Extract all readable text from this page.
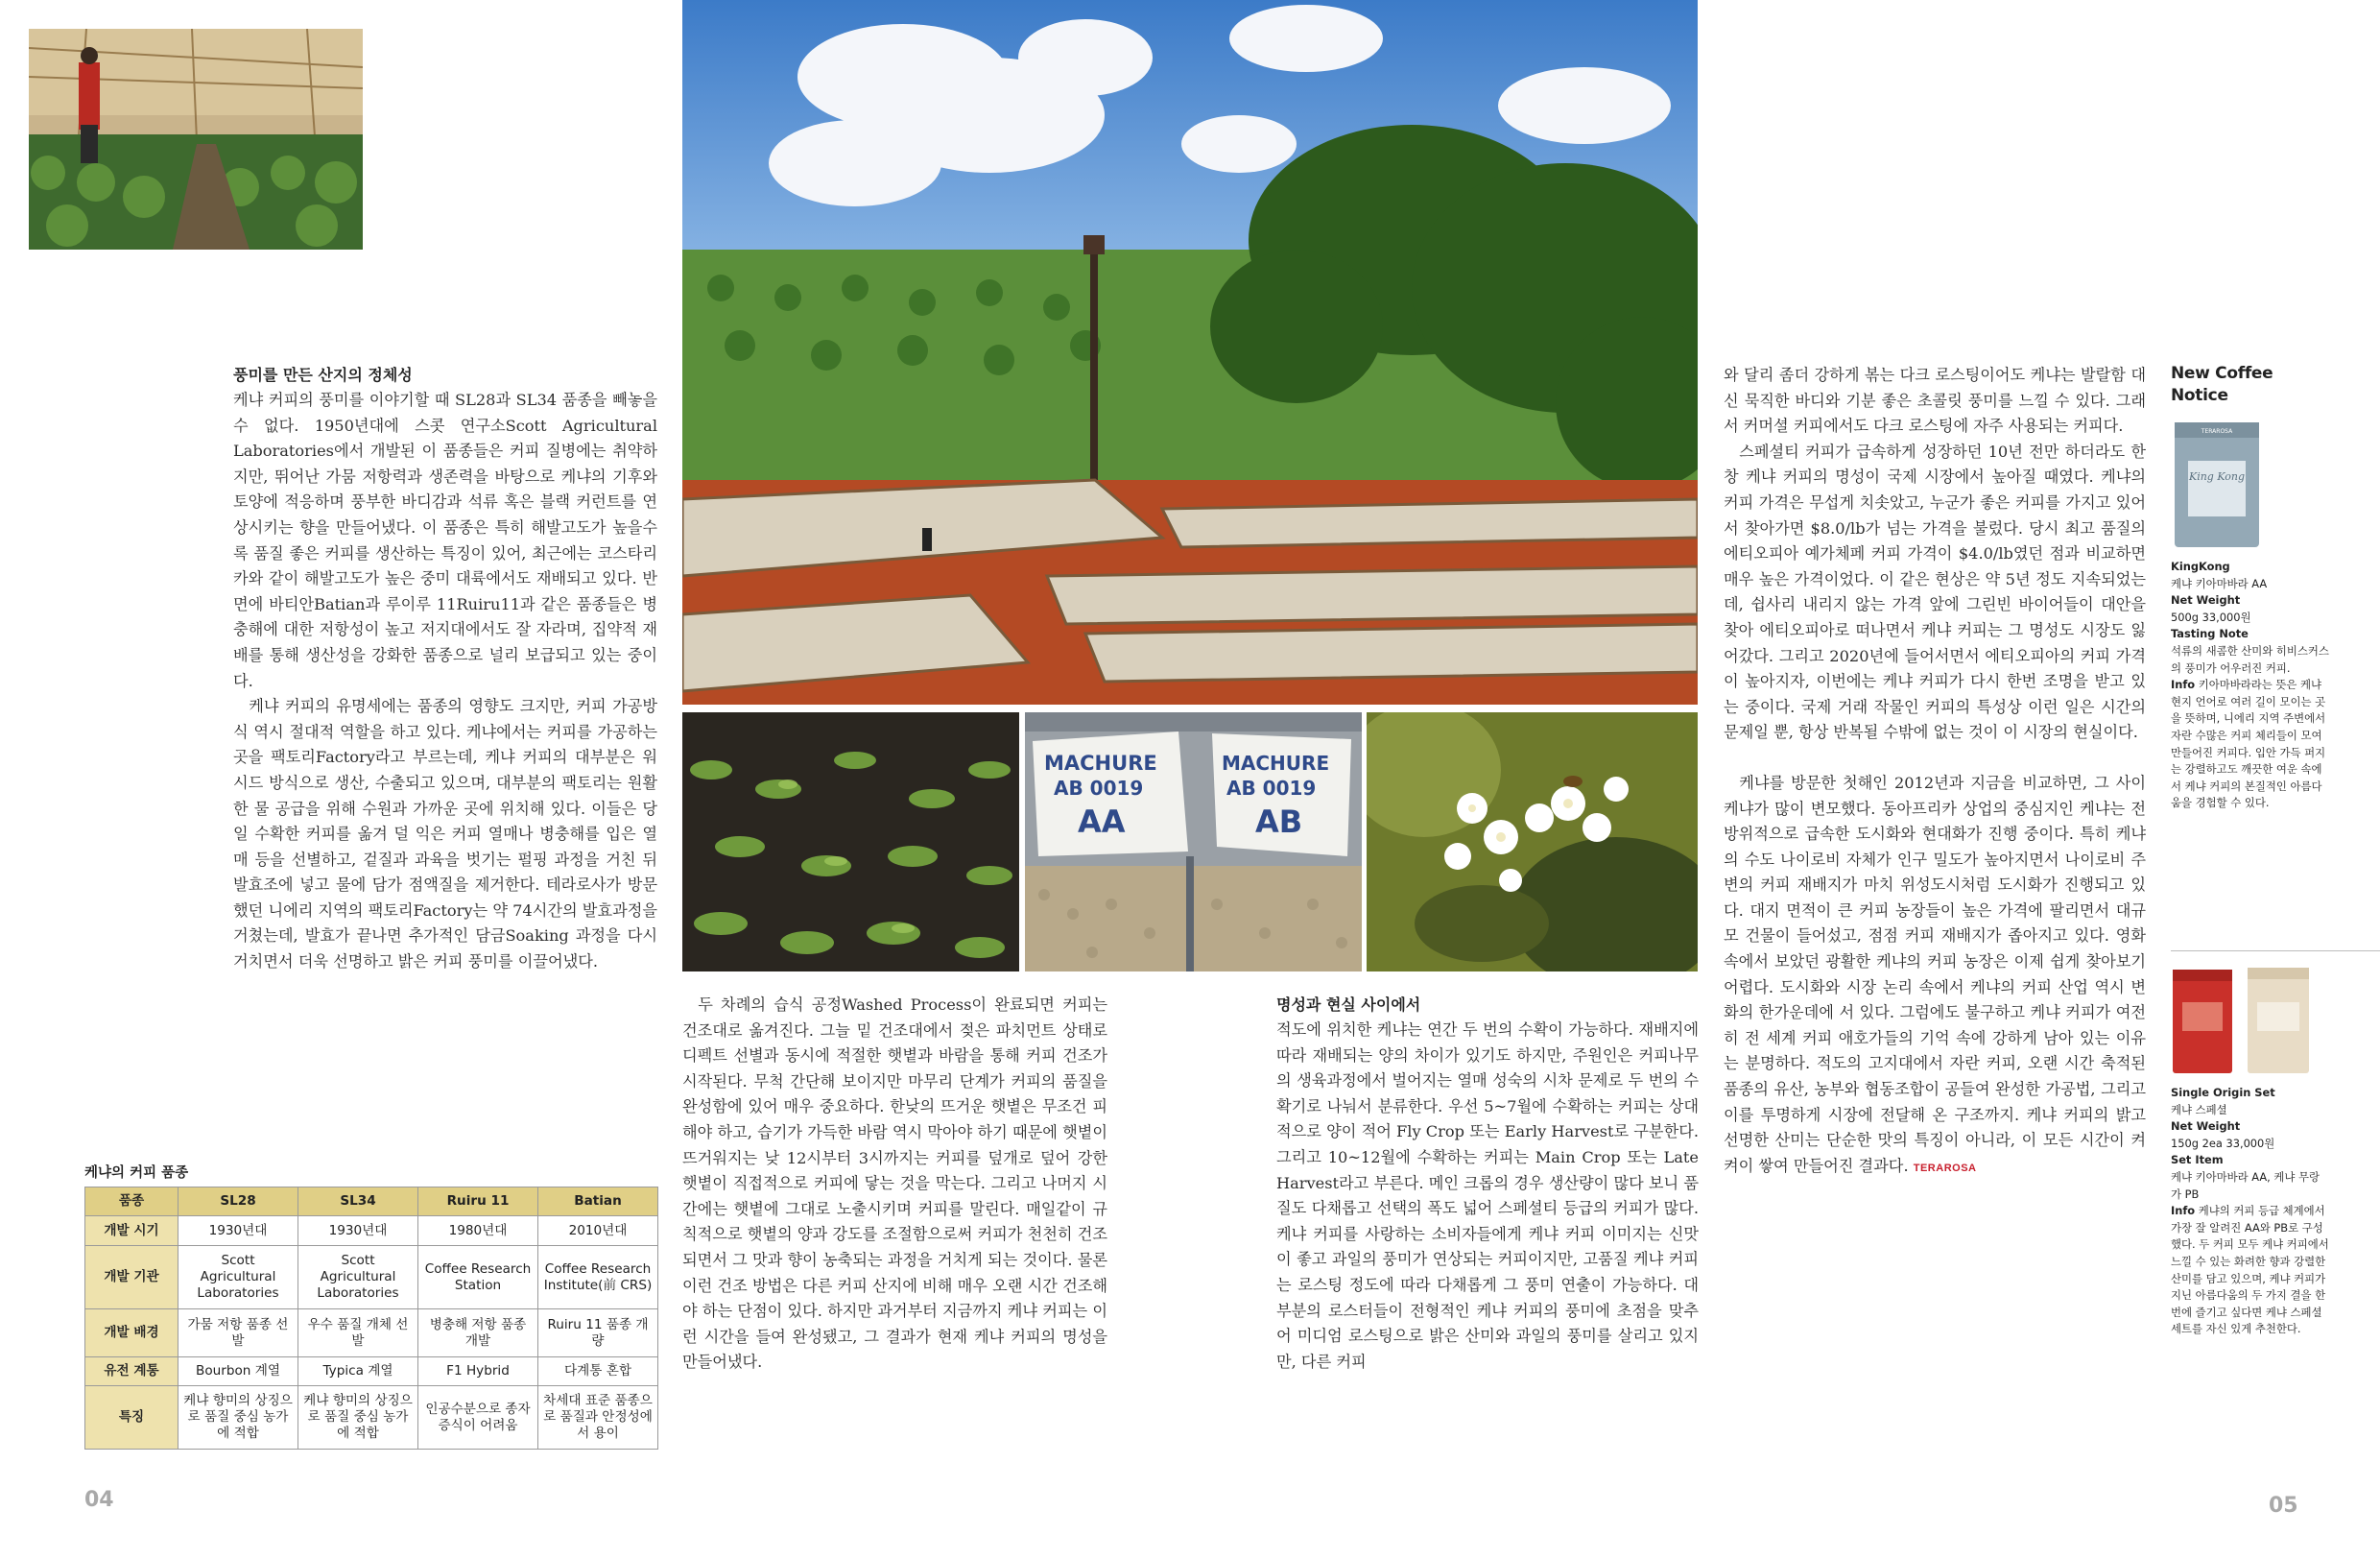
MACHURE
AB 0019
AA
MACHURE
AB 0019
AB
풍미를 만든 산지의 정체성

케냐 커피의 풍미를 이야기할 때 SL28과 SL34 품종을 빼놓을 수 없다. 1950년대에 스콧 연구소Scott Agricultural Laboratories에서 개발된 이 품종들은 커피 질병에는 취약하지만, 뛰어난 가뭄 저항력과 생존력을 바탕으로 케냐의 기후와 토양에 적응하며 풍부한 바디감과 석류 혹은 블랙 커런트를 연상시키는 향을 만들어냈다. 이 품종은 특히 해발고도가 높을수록 품질 좋은 커피를 생산하는 특징이 있어, 최근에는 코스타리카와 같이 해발고도가 높은 중미 대륙에서도 재배되고 있다. 반면에 바티안Batian과 루이루 11Ruiru11과 같은 품종들은 병충해에 대한 저항성이 높고 저지대에서도 잘 자라며, 집약적 재배를 통해 생산성을 강화한 품종으로 널리 보급되고 있는 중이다.

케냐 커피의 유명세에는 품종의 영향도 크지만, 커피 가공방식 역시 절대적 역할을 하고 있다. 케냐에서는 커피를 가공하는 곳을 팩토리Factory라고 부르는데, 케냐 커피의 대부분은 워시드 방식으로 생산, 수출되고 있으며, 대부분의 팩토리는 원활한 물 공급을 위해 수원과 가까운 곳에 위치해 있다. 이들은 당일 수확한 커피를 옮겨 덜 익은 커피 열매나 병충해를 입은 열매 등을 선별하고, 겉질과 과육을 벗기는 펄핑 과정을 거친 뒤 발효조에 넣고 물에 담가 점액질을 제거한다. 테라로사가 방문했던 니에리 지역의 팩토리Factory는 약 74시간의 발효과정을 거쳤는데, 발효가 끝나면 추가적인 담금Soaking 과정을 다시 거치면서 더욱 선명하고 밝은 커피 풍미를 이끌어냈다.

케냐의 커피 품종
품종	SL28	SL34	Ruiru 11	Batian
개발 시기	1930년대	1930년대	1980년대	2010년대
개발 기관	Scott Agricultural Laboratories	Scott Agricultural Laboratories	Coffee Research Station	Coffee Research Institute(前 CRS)
개발 배경	가뭄 저항 품종 선발	우수 품질 개체 선발	병충해 저항 품종 개발	Ruiru 11 품종 개량
유전 계통	Bourbon 계열	Typica 계열	F1 Hybrid	다계통 혼합
특징	케냐 향미의 상징으로 품질 중심 농가에 적합	케냐 향미의 상징으로 품질 중심 농가에 적합	인공수분으로 종자 증식이 어려움	차세대 표준 품종으로 품질과 안정성에서 용이
04

두 차례의 습식 공정Washed Process이 완료되면 커피는 건조대로 옮겨진다. 그늘 밑 건조대에서 젖은 파치먼트 상태로 디펙트 선별과 동시에 적절한 햇볕과 바람을 통해 커피 건조가 시작된다. 무척 간단해 보이지만 마무리 단계가 커피의 품질을 완성함에 있어 매우 중요하다. 한낮의 뜨거운 햇볕은 무조건 피해야 하고, 습기가 가득한 바람 역시 막아야 하기 때문에 햇볕이 뜨거워지는 낮 12시부터 3시까지는 커피를 덮개로 덮어 강한 햇볕이 직접적으로 커피에 닿는 것을 막는다. 그리고 나머지 시간에는 햇볕에 그대로 노출시키며 커피를 말린다. 매일같이 규칙적으로 햇볕의 양과 강도를 조절함으로써 커피가 천천히 건조되면서 그 맛과 향이 농축되는 과정을 거치게 되는 것이다. 물론 이런 건조 방법은 다른 커피 산지에 비해 매우 오랜 시간 건조해야 하는 단점이 있다. 하지만 과거부터 지금까지 케냐 커피는 이런 시간을 들여 완성됐고, 그 결과가 현재 케냐 커피의 명성을 만들어냈다.

명성과 현실 사이에서

적도에 위치한 케냐는 연간 두 번의 수확이 가능하다. 재배지에 따라 재배되는 양의 차이가 있기도 하지만, 주원인은 커피나무의 생육과정에서 벌어지는 열매 성숙의 시차 문제로 두 번의 수확기로 나눠서 분류한다. 우선 5~7월에 수확하는 커피는 상대적으로 양이 적어 Fly Crop 또는 Early Harvest로 구분한다. 그리고 10~12월에 수확하는 커피는 Main Crop 또는 Late Harvest라고 부른다. 메인 크롭의 경우 생산량이 많다 보니 품질도 다채롭고 선택의 폭도 넓어 스페셜티 등급의 커피가 많다. 케냐 커피를 사랑하는 소비자들에게 케냐 커피 이미지는 신맛이 좋고 과일의 풍미가 연상되는 커피이지만, 고품질 케냐 커피는 로스팅 정도에 따라 다채롭게 그 풍미 연출이 가능하다. 대부분의 로스터들이 전형적인 케냐 커피의 풍미에 초점을 맞추어 미디엄 로스팅으로 밝은 산미와 과일의 풍미를 살리고 있지만, 다른 커피

와 달리 좀더 강하게 볶는 다크 로스팅이어도 케냐는 발랄함 대신 묵직한 바디와 기분 좋은 초콜릿 풍미를 느낄 수 있다. 그래서 커머셜 커피에서도 다크 로스팅에 자주 사용되는 커피다.

스페셜티 커피가 급속하게 성장하던 10년 전만 하더라도 한창 케냐 커피의 명성이 국제 시장에서 높아질 때였다. 케냐의 커피 가격은 무섭게 치솟았고, 누군가 좋은 커피를 가지고 있어서 찾아가면 $8.0/lb가 넘는 가격을 불렀다. 당시 최고 품질의 에티오피아 예가체페 커피 가격이 $4.0/lb였던 점과 비교하면 매우 높은 가격이었다. 이 같은 현상은 약 5년 정도 지속되었는데, 쉽사리 내리지 않는 가격 앞에 그린빈 바이어들이 대안을 찾아 에티오피아로 떠나면서 케냐 커피는 그 명성도 시장도 잃어갔다. 그리고 2020년에 들어서면서 에티오피아의 커피 가격이 높아지자, 이번에는 케냐 커피가 다시 한번 조명을 받고 있는 중이다. 국제 거래 작물인 커피의 특성상 이런 일은 시간의 문제일 뿐, 항상 반복될 수밖에 없는 것이 이 시장의 현실이다.

케냐를 방문한 첫해인 2012년과 지금을 비교하면, 그 사이 케냐가 많이 변모했다. 동아프리카 상업의 중심지인 케냐는 전방위적으로 급속한 도시화와 현대화가 진행 중이다. 특히 케냐의 수도 나이로비 자체가 인구 밀도가 높아지면서 나이로비 주변의 커피 재배지가 마치 위성도시처럼 도시화가 진행되고 있다. 대지 면적이 큰 커피 농장들이 높은 가격에 팔리면서 대규모 건물이 들어섰고, 점점 커피 재배지가 좁아지고 있다. 영화 속에서 보았던 광활한 케냐의 커피 농장은 이제 쉽게 찾아보기 어렵다. 도시화와 시장 논리 속에서 케냐의 커피 산업 역시 변화의 한가운데에 서 있다. 그럼에도 불구하고 케냐 커피가 여전히 전 세계 커피 애호가들의 기억 속에 강하게 남아 있는 이유는 분명하다. 적도의 고지대에서 자란 커피, 오랜 시간 축적된 품종의 유산, 농부와 협동조합이 공들여 완성한 가공법, 그리고 이를 투명하게 시장에 전달해 온 구조까지. 케냐 커피의 밝고 선명한 산미는 단순한 맛의 특징이 아니라, 이 모든 시간이 켜켜이 쌓여 만들어진 결과다. TERAROSA

New Coffee
Notice
TERAROSA
King Kong
KingKong
케냐 키아마바라 AA
Net Weight
500g 33,000원
Tasting Note
석류의 새콤한 산미와 히비스커스의 풍미가 어우러진 커피.
Info 키아마바라라는 뜻은 케냐 현지 언어로 여러 길이 모이는 곳을 뜻하며, 니에리 지역 주변에서 자란 수많은 커피 체리들이 모여 만들어진 커피다. 입안 가득 퍼지는 강렬하고도 깨끗한 여운 속에서 케냐 커피의 본질적인 아름다움을 경험할 수 있다.
Single Origin Set
케냐 스페셜
Net Weight
150g 2ea 33,000원
Set Item
케냐 키아마바라 AA, 케냐 무랑가 PB
Info 케냐의 커피 등급 체계에서 가장 잘 알려진 AA와 PB로 구성했다. 두 커피 모두 케냐 커피에서 느낄 수 있는 화려한 향과 강렬한 산미를 담고 있으며, 케냐 커피가 지닌 아름다움의 두 가지 결을 한 번에 즐기고 싶다면 케냐 스페셜 세트를 자신 있게 추천한다.
05
